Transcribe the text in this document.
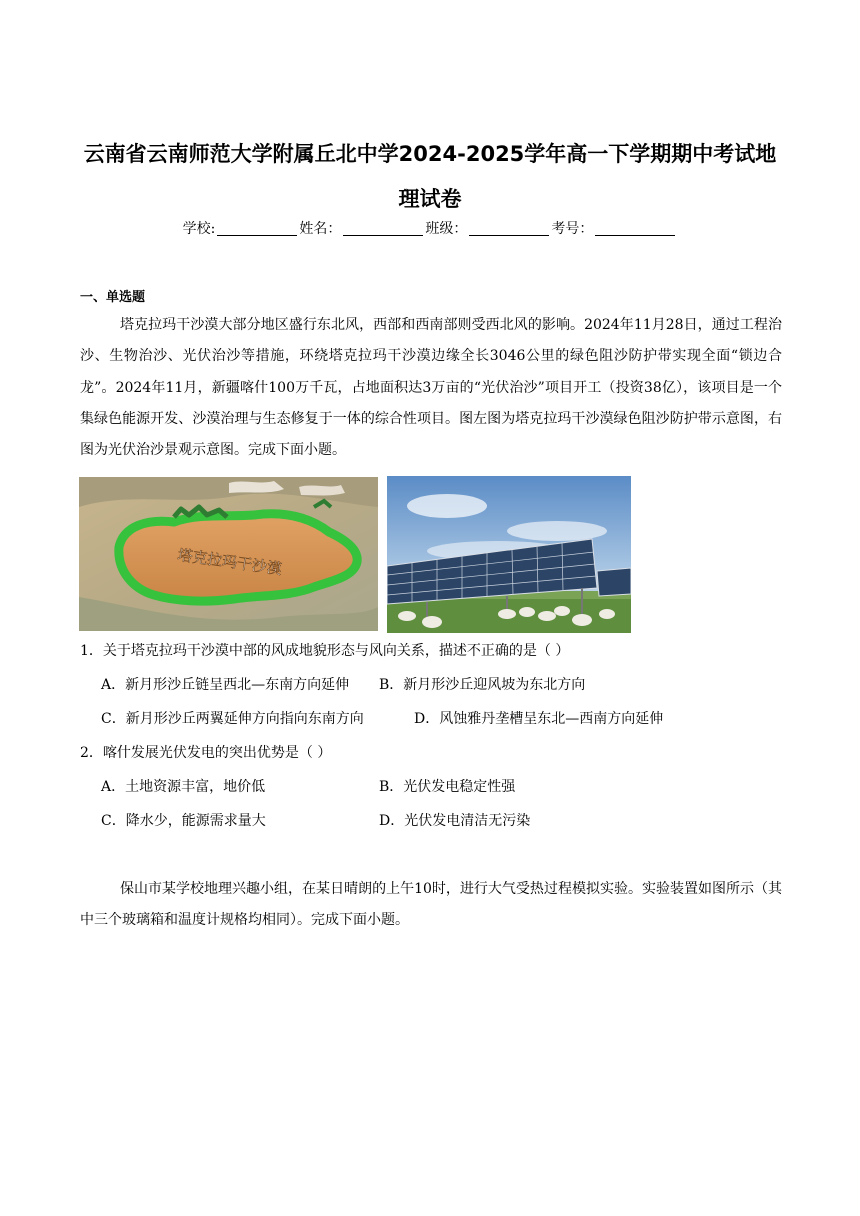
云南省云南师范大学附属丘北中学2024-2025学年高一下学期期中考试地
理试卷
学校:	姓名：	班级：	考号：
一、单选题
塔克拉玛干沙漠大部分地区盛行东北风，西部和西南部则受西北风的影响。2024年11月28日，通过工程治沙、生物治沙、光伏治沙等措施，环绕塔克拉玛干沙漠边缘全长3046公里的绿色阻沙防护带实现全面“锁边合龙”。2024年11月，新疆喀什100万千瓦，占地面积达3万亩的“光伏治沙”项目开工（投资38亿），该项目是一个集绿色能源开发、沙漠治理与生态修复于一体的综合性项目。图左图为塔克拉玛干沙漠绿色阻沙防护带示意图，右图为光伏治沙景观示意图。完成下面小题。
塔克拉玛干沙漠
1．关于塔克拉玛干沙漠中部的风成地貌形态与风向关系，描述不正确的是（ ）
A．新月形沙丘链呈西北—东南方向延伸 B．新月形沙丘迎风坡为东北方向
C．新月形沙丘两翼延伸方向指向东南方向	D．风蚀雅丹垄槽呈东北—西南方向延伸
2．喀什发展光伏发电的突出优势是（ ）
A．土地资源丰富，地价低	B．光伏发电稳定性强
C．降水少，能源需求量大	D．光伏发电清洁无污染
保山市某学校地理兴趣小组，在某日晴朗的上午10时，进行大气受热过程模拟实验。实验装置如图所示（其中三个玻璃箱和温度计规格均相同）。完成下面小题。
